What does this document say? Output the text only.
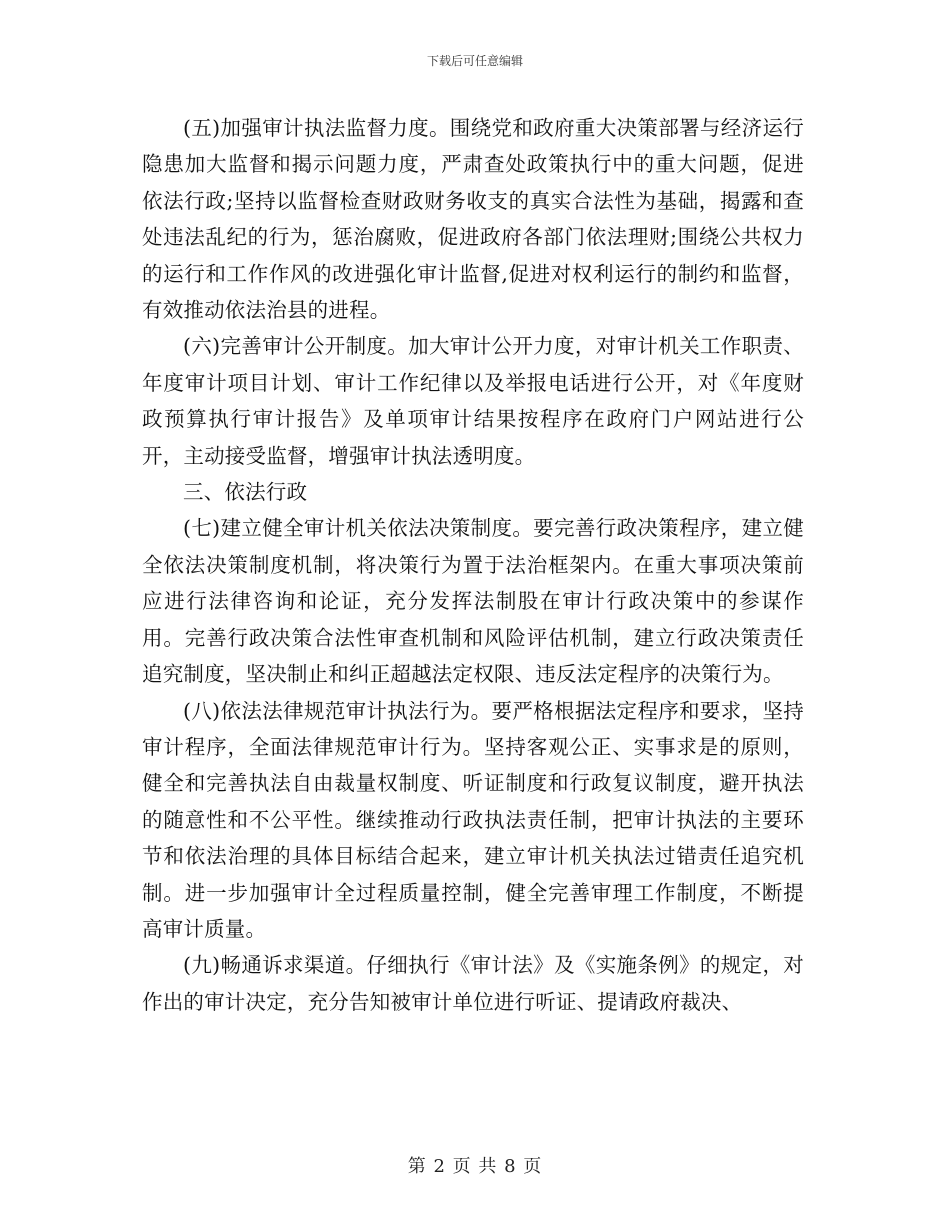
下载后可任意编辑

(五)加强审计执法监督力度。围绕党和政府重大决策部署与经济运行隐患加大监督和揭示问题力度，严肃查处政策执行中的重大问题，促进依法行政;坚持以监督检查财政财务收支的真实合法性为基础，揭露和查处违法乱纪的行为，惩治腐败，促进政府各部门依法理财;围绕公共权力的运行和工作作风的改进强化审计监督,促进对权利运行的制约和监督，有效推动依法治县的进程。

(六)完善审计公开制度。加大审计公开力度，对审计机关工作职责、年度审计项目计划、审计工作纪律以及举报电话进行公开，对《年度财政预算执行审计报告》及单项审计结果按程序在政府门户网站进行公开，主动接受监督，增强审计执法透明度。

三、依法行政

(七)建立健全审计机关依法决策制度。要完善行政决策程序，建立健全依法决策制度机制，将决策行为置于法治框架内。在重大事项决策前应进行法律咨询和论证，充分发挥法制股在审计行政决策中的参谋作用。完善行政决策合法性审查机制和风险评估机制，建立行政决策责任追究制度，坚决制止和纠正超越法定权限、违反法定程序的决策行为。

(八)依法法律规范审计执法行为。要严格根据法定程序和要求，坚持审计程序，全面法律规范审计行为。坚持客观公正、实事求是的原则，健全和完善执法自由裁量权制度、听证制度和行政复议制度，避开执法的随意性和不公平性。继续推动行政执法责任制，把审计执法的主要环节和依法治理的具体目标结合起来，建立审计机关执法过错责任追究机制。进一步加强审计全过程质量控制，健全完善审理工作制度，不断提高审计质量。

(九)畅通诉求渠道。仔细执行《审计法》及《实施条例》的规定，对作出的审计决定，充分告知被审计单位进行听证、提请政府裁决、

第 2 页 共 8 页
